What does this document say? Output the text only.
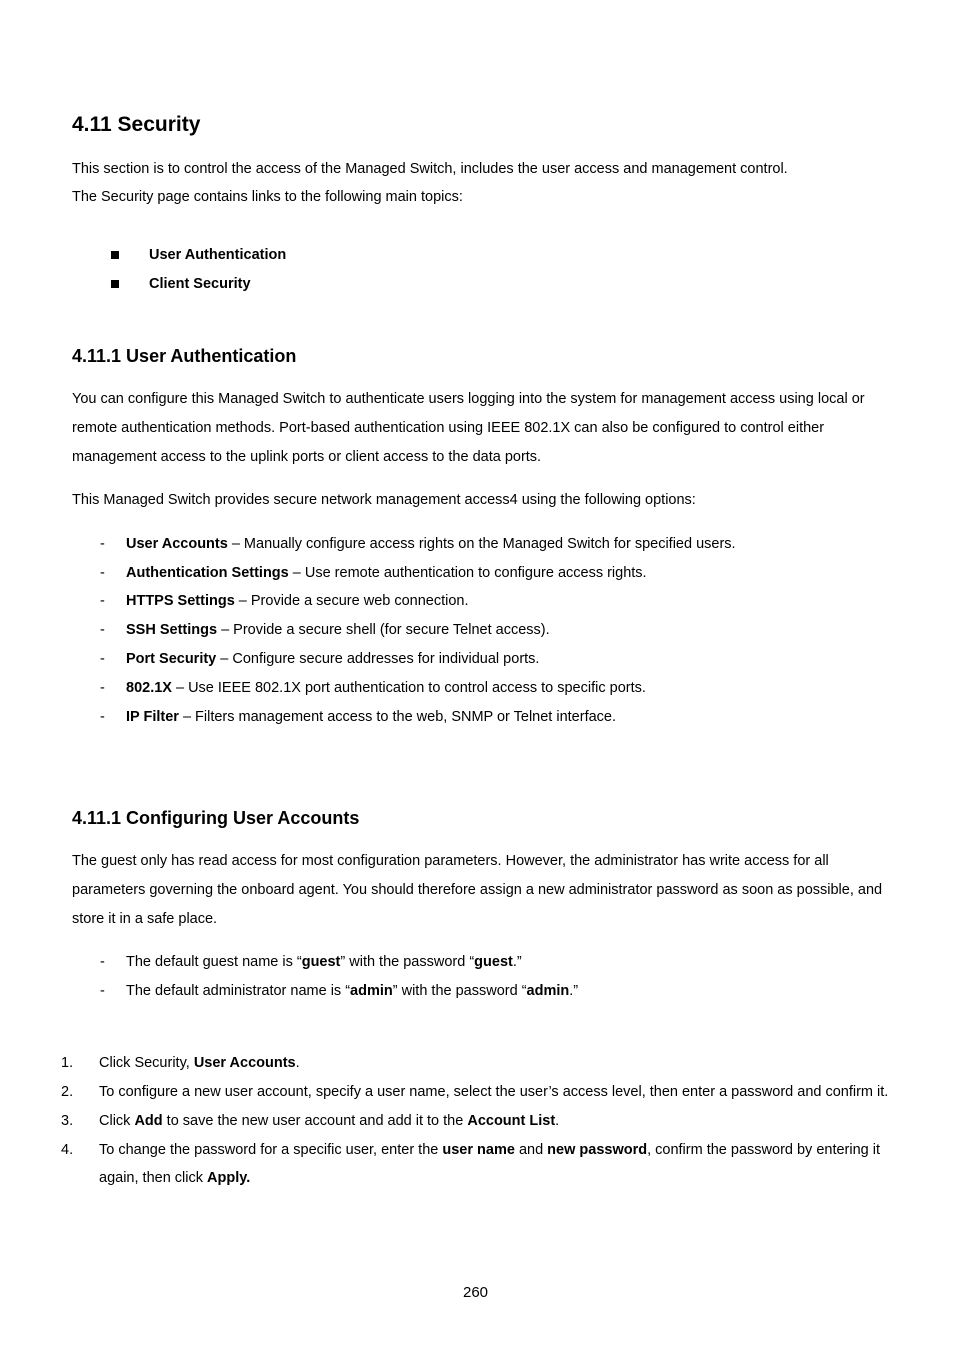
4.11 Security
This section is to control the access of the Managed Switch, includes the user access and management control.
The Security page contains links to the following main topics:
User Authentication
Client Security
4.11.1 User Authentication
You can configure this Managed Switch to authenticate users logging into the system for management access using local or
remote authentication methods. Port-based authentication using IEEE 802.1X can also be configured to control either
management access to the uplink ports or client access to the data ports.
This Managed Switch provides secure network management access4 using the following options:
- User Accounts – Manually configure access rights on the Managed Switch for specified users.
- Authentication Settings – Use remote authentication to configure access rights.
- HTTPS Settings – Provide a secure web connection.
- SSH Settings – Provide a secure shell (for secure Telnet access).
- Port Security – Configure secure addresses for individual ports.
- 802.1X – Use IEEE 802.1X port authentication to control access to specific ports.
- IP Filter – Filters management access to the web, SNMP or Telnet interface.
4.11.1 Configuring User Accounts
The guest only has read access for most configuration parameters. However, the administrator has write access for all
parameters governing the onboard agent. You should therefore assign a new administrator password as soon as possible, and
store it in a safe place.
- The default guest name is “guest” with the password “guest.”
- The default administrator name is “admin” with the password “admin.”
1. Click Security, User Accounts.
2. To configure a new user account, specify a user name, select the user’s access level, then enter a password and confirm it.
3. Click Add to save the new user account and add it to the Account List.
4. To change the password for a specific user, enter the user name and new password, confirm the password by entering it
again, then click Apply.
260
